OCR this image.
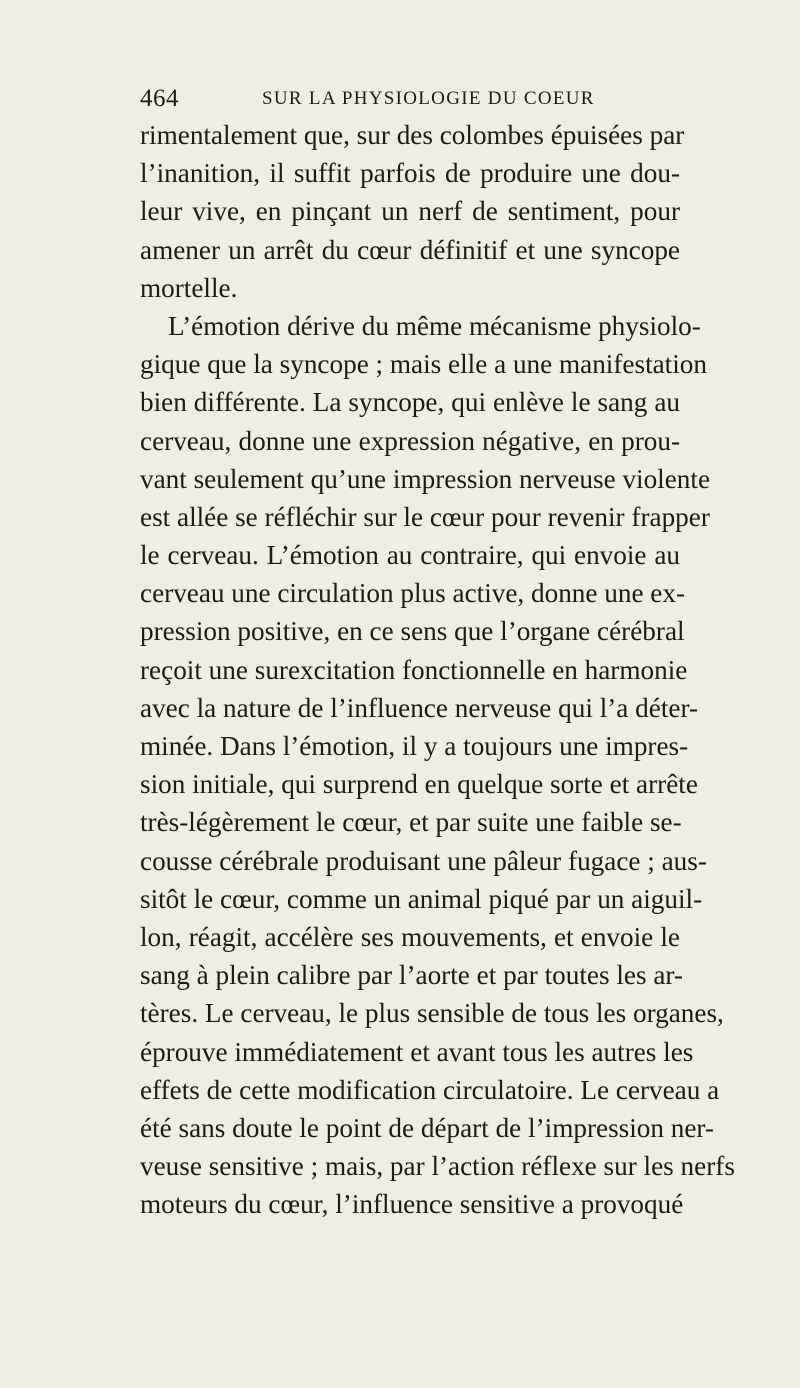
464	SUR LA PHYSIOLOGIE DU COEUR
rimentalement que, sur des colombes épuisées par
l’inanition, il suffit parfois de produire une dou-
leur vive, en pinçant un nerf de sentiment, pour
amener un arrêt du cœur définitif et une syncope
mortelle.
L’émotion dérive du même mécanisme physiolo-
gique que la syncope ; mais elle a une manifestation
bien différente. La syncope, qui enlève le sang au
cerveau, donne une expression négative, en prou-
vant seulement qu’une impression nerveuse violente
est allée se réfléchir sur le cœur pour revenir frapper
le cerveau. L’émotion au contraire, qui envoie au
cerveau une circulation plus active, donne une ex-
pression positive, en ce sens que l’organe cérébral
reçoit une surexcitation fonctionnelle en harmonie
avec la nature de l’influence nerveuse qui l’a déter-
minée. Dans l’émotion, il y a toujours une impres-
sion initiale, qui surprend en quelque sorte et arrête
très-légèrement le cœur, et par suite une faible se-
cousse cérébrale produisant une pâleur fugace ; aus-
sitôt le cœur, comme un animal piqué par un aiguil-
lon, réagit, accélère ses mouvements, et envoie le
sang à plein calibre par l’aorte et par toutes les ar-
tères. Le cerveau, le plus sensible de tous les organes,
éprouve immédiatement et avant tous les autres les
effets de cette modification circulatoire. Le cerveau a
été sans doute le point de départ de l’impression ner-
veuse sensitive ; mais, par l’action réflexe sur les nerfs
moteurs du cœur, l’influence sensitive a provoqué
